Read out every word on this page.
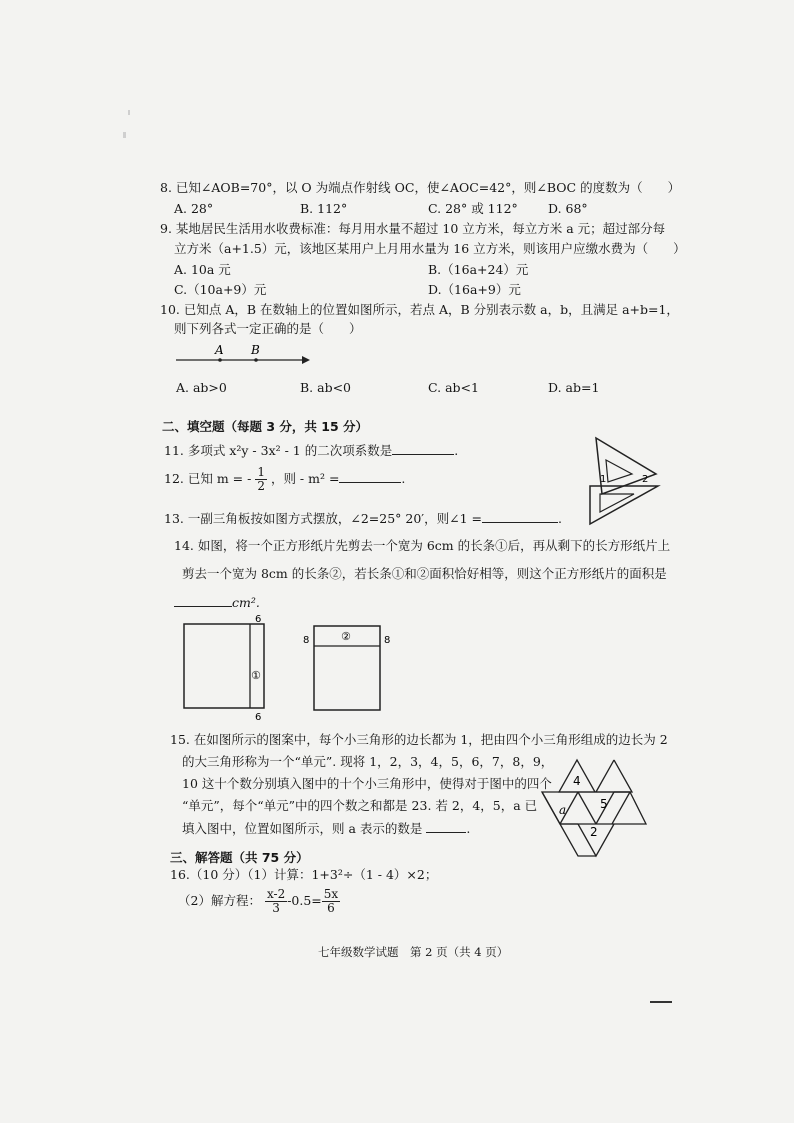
8. 已知∠AOB=70°，以 O 为端点作射线 OC，使∠AOC=42°，则∠BOC 的度数为（　　）
A. 28°	B. 112°	C. 28° 或 112° D. 68°
9. 某地居民生活用水收费标准：每月用水量不超过 10 立方米，每立方米 a 元；超过部分每
立方米（a+1.5）元，该地区某用户上月用水量为 16 立方米，则该用户应缴水费为（　　）
A. 10a 元	B.（16a+24）元
C.（10a+9）元	D.（16a+9）元
10. 已知点 A，B 在数轴上的位置如图所示，若点 A，B 分别表示数 a，b，且满足 a+b=1，
则下列各式一定正确的是（　　）
A B
A. ab>0	B. ab<0	C. ab<1	D. ab=1
二、填空题（每题 3 分，共 15 分）
11. 多项式 x²y - 3x² - 1 的二次项系数是	.
12. 已知 m = - $\frac{1}{2}$ ，则 - m² =	.	1	2
13. 一副三角板按如图方式摆放，∠2=25° 20′，则∠1 =	.
14. 如图，将一个正方形纸片先剪去一个宽为 6cm 的长条①后，再从剩下的长方形纸片上
剪去一个宽为 8cm 的长条②，若长条①和②面积恰好相等，则这个正方形纸片的面积是
cm².
6
6
①
8	8
②
15. 在如图所示的图案中，每个小三角形的边长都为 1，把由四个小三角形组成的边长为 2
的大三角形称为一个“单元”. 现将 1，2，3，4，5，6，7，8，9，
10 这十个数分别填入图中的十个小三角形中，使得对于图中的四个
“单元”，每个“单元”中的四个数之和都是 23. 若 2，4，5，a 已
填入图中，位置如图所示，则 a 表示的数是	.
4
a	5
2
三、解答题（共 75 分）
16.（10 分）（1）计算：1+3²÷（1 - 4）×2；
（2）解方程： $\frac{x-2}{3} -0.5= \frac{5x}{6}$
七年级数学试题　第 2 页（共 4 页）
